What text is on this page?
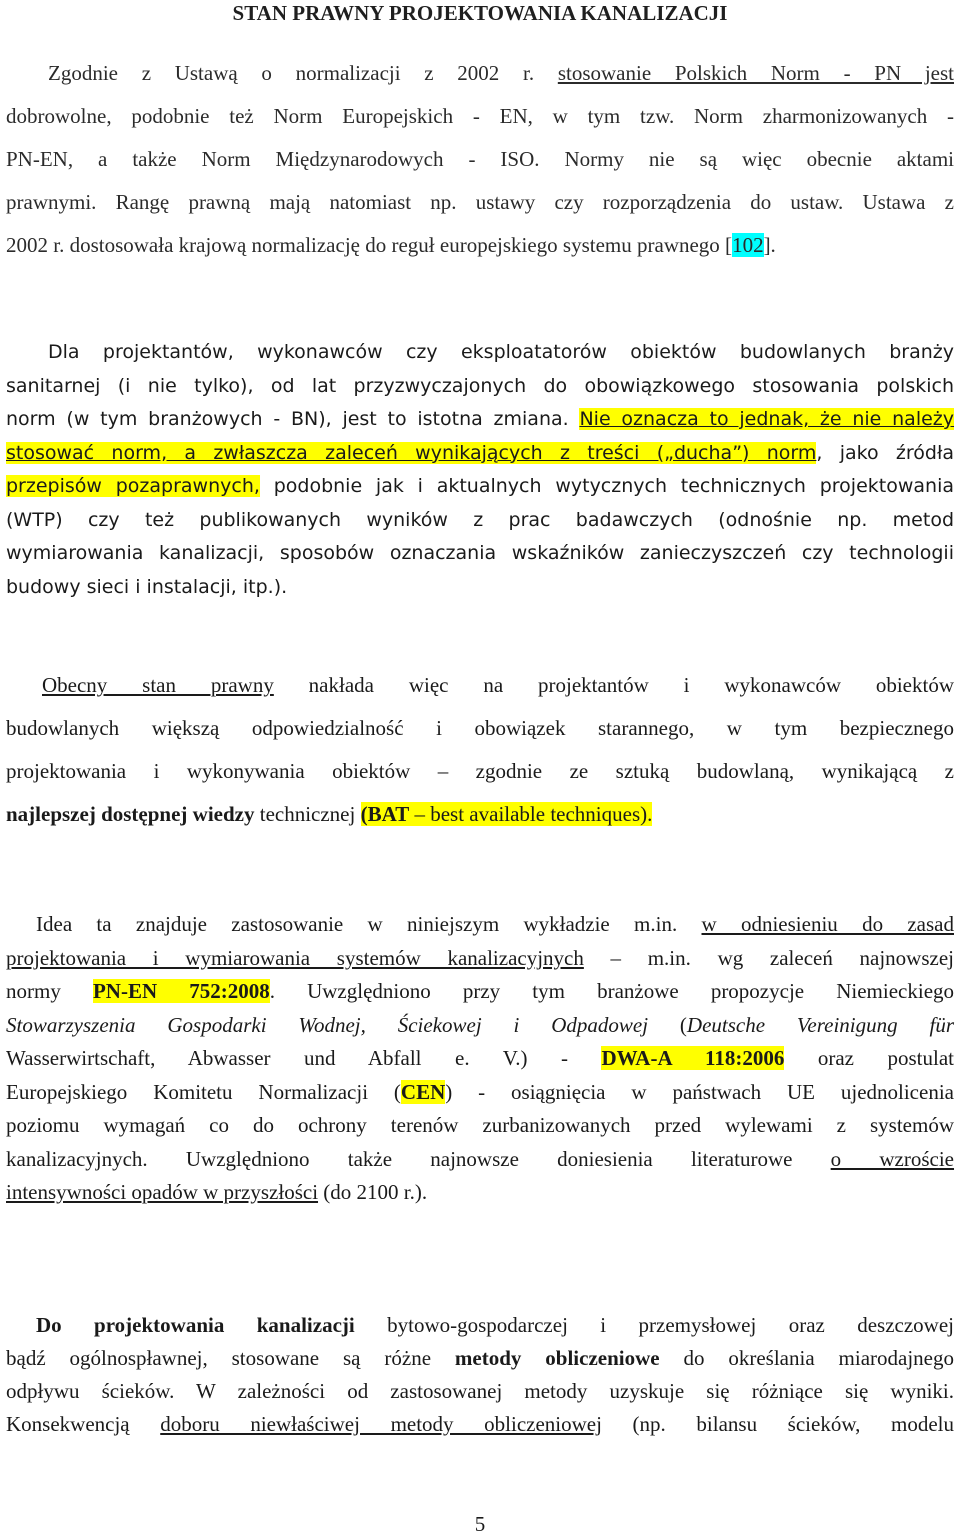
STAN PRAWNY PROJEKTOWANIA KANALIZACJI
Zgodnie z Ustawą o normalizacji z 2002 r. stosowanie Polskich Norm - PN jest
dobrowolne, podobnie też Norm Europejskich - EN, w tym tzw. Norm zharmonizowanych -
PN-EN, a także Norm Międzynarodowych - ISO. Normy nie są więc obecnie aktami
prawnymi. Rangę prawną mają natomiast np. ustawy czy rozporządzenia do ustaw. Ustawa z
2002 r. dostosowała krajową normalizację do reguł europejskiego systemu prawnego [102].
Dla projektantów, wykonawców czy eksploatatorów obiektów budowlanych branży
sanitarnej (i nie tylko), od lat przyzwyczajonych do obowiązkowego stosowania polskich
norm (w tym branżowych - BN), jest to istotna zmiana. Nie oznacza to jednak, że nie należy
stosować norm, a zwłaszcza zaleceń wynikających z treści („ducha”) norm, jako źródła
przepisów pozaprawnych, podobnie jak i aktualnych wytycznych technicznych projektowania
(WTP) czy też publikowanych wyników z prac badawczych (odnośnie np. metod
wymiarowania kanalizacji, sposobów oznaczania wskaźników zanieczyszczeń czy technologii
budowy sieci i instalacji, itp.).
Obecny stan prawny nakłada więc na projektantów i wykonawców obiektów
budowlanych większą odpowiedzialność i obowiązek starannego, w tym bezpiecznego
projektowania i wykonywania obiektów – zgodnie ze sztuką budowlaną, wynikającą z
najlepszej dostępnej wiedzy technicznej (BAT – best available techniques).
Idea ta znajduje zastosowanie w niniejszym wykładzie m.in. w odniesieniu do zasad
projektowania i wymiarowania systemów kanalizacyjnych – m.in. wg zaleceń najnowszej
normy PN-EN 752:2008. Uwzględniono przy tym branżowe propozycje Niemieckiego
Stowarzyszenia Gospodarki Wodnej, Ściekowej i Odpadowej (Deutsche Vereinigung für
Wasserwirtschaft, Abwasser und Abfall e. V.) - DWA-A 118:2006 oraz postulat
Europejskiego Komitetu Normalizacji (CEN) - osiągnięcia w państwach UE ujednolicenia
poziomu wymagań co do ochrony terenów zurbanizowanych przed wylewami z systemów
kanalizacyjnych. Uwzględniono także najnowsze doniesienia literaturowe o wzroście
intensywności opadów w przyszłości (do 2100 r.).
Do projektowania kanalizacji bytowo-gospodarczej i przemysłowej oraz deszczowej
bądź ogólnospławnej, stosowane są różne metody obliczeniowe do określania miarodajnego
odpływu ścieków. W zależności od zastosowanej metody uzyskuje się różniące się wyniki.
Konsekwencją doboru niewłaściwej metody obliczeniowej (np. bilansu ścieków, modelu
5
